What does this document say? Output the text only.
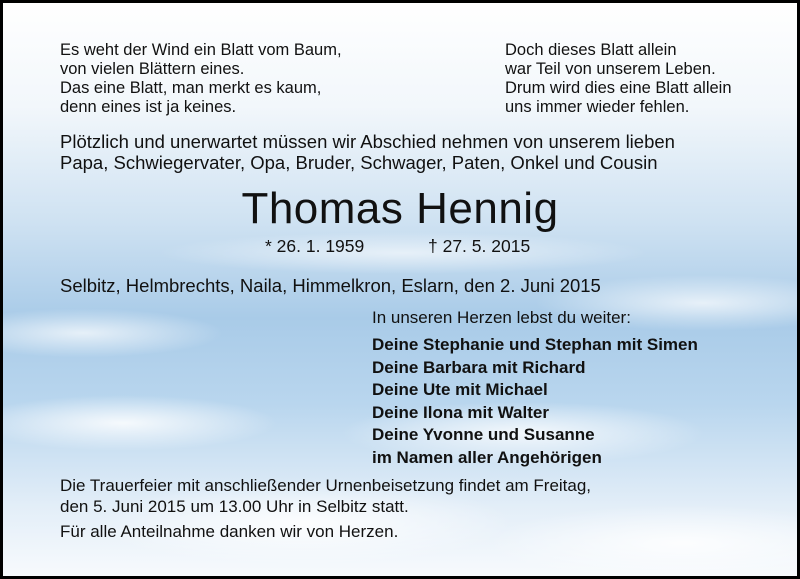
Es weht der Wind ein Blatt vom Baum,
von vielen Blättern eines.
Das eine Blatt, man merkt es kaum,
denn eines ist ja keines.
Doch dieses Blatt allein
war Teil von unserem Leben.
Drum wird dies eine Blatt allein
uns immer wieder fehlen.
Plötzlich und unerwartet müssen wir Abschied nehmen von unserem lieben
Papa, Schwiegervater, Opa, Bruder, Schwager, Paten, Onkel und Cousin
Thomas Hennig
* 26. 1. 1959	† 27. 5. 2015
Selbitz, Helmbrechts, Naila, Himmelkron, Eslarn, den 2. Juni 2015
In unseren Herzen lebst du weiter:
Deine Stephanie und Stephan mit Simen
Deine Barbara mit Richard
Deine Ute mit Michael
Deine Ilona mit Walter
Deine Yvonne und Susanne
im Namen aller Angehörigen
Die Trauerfeier mit anschließender Urnenbeisetzung findet am Freitag,
den 5. Juni 2015 um 13.00 Uhr in Selbitz statt.
Für alle Anteilnahme danken wir von Herzen.
